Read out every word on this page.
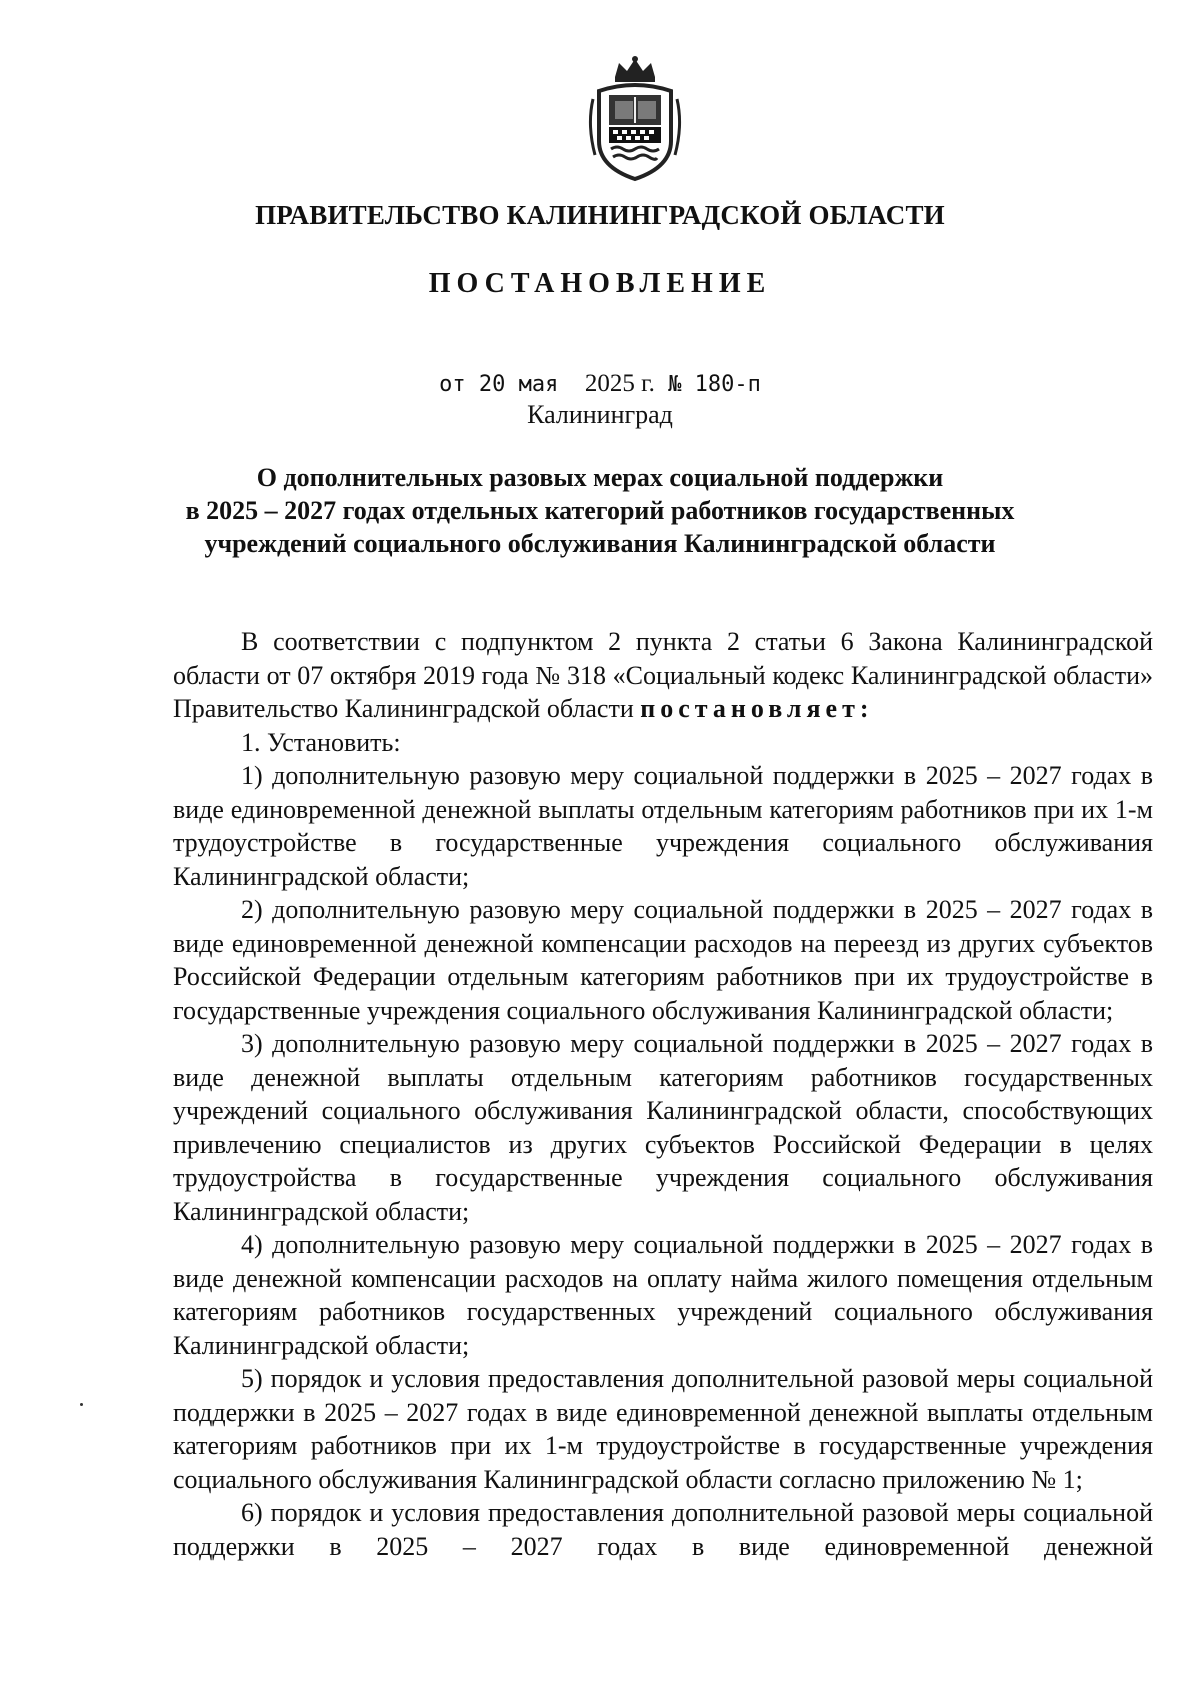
ПРАВИТЕЛЬСТВО КАЛИНИНГРАДСКОЙ ОБЛАСТИ
ПОСТАНОВЛЕНИЕ
от 20 мая 2025 г. № 180-п
Калининград
О дополнительных разовых мерах социальной поддержки
в 2025 – 2027 годах отдельных категорий работников государственных
учреждений социального обслуживания Калининградской области

В соответствии с подпунктом 2 пункта 2 статьи 6 Закона Калининградской области от 07 октября 2019 года № 318 «Социальный кодекс Калининградской области» Правительство Калининградской области постановляет:

1. Установить:

1) дополнительную разовую меру социальной поддержки в 2025 – 2027 годах в виде единовременной денежной выплаты отдельным категориям работников при их 1-м трудоустройстве в государственные учреждения социального обслуживания Калининградской области;

2) дополнительную разовую меру социальной поддержки в 2025 – 2027 годах в виде единовременной денежной компенсации расходов на переезд из других субъектов Российской Федерации отдельным категориям работников при их трудоустройстве в государственные учреждения социального обслуживания Калининградской области;

3) дополнительную разовую меру социальной поддержки в 2025 – 2027 годах в виде денежной выплаты отдельным категориям работников государственных учреждений социального обслуживания Калининградской области, способствующих привлечению специалистов из других субъектов Российской Федерации в целях трудоустройства в государственные учреждения социального обслуживания Калининградской области;

4) дополнительную разовую меру социальной поддержки в 2025 – 2027 годах в виде денежной компенсации расходов на оплату найма жилого помещения отдельным категориям работников государственных учреждений социального обслуживания Калининградской области;

5) порядок и условия предоставления дополнительной разовой меры социальной поддержки в 2025 – 2027 годах в виде единовременной денежной выплаты отдельным категориям работников при их 1-м трудоустройстве в государственные учреждения социального обслуживания Калининградской области согласно приложению № 1;

6) порядок и условия предоставления дополнительной разовой меры социальной поддержки в 2025 – 2027 годах в виде единовременной денежной
